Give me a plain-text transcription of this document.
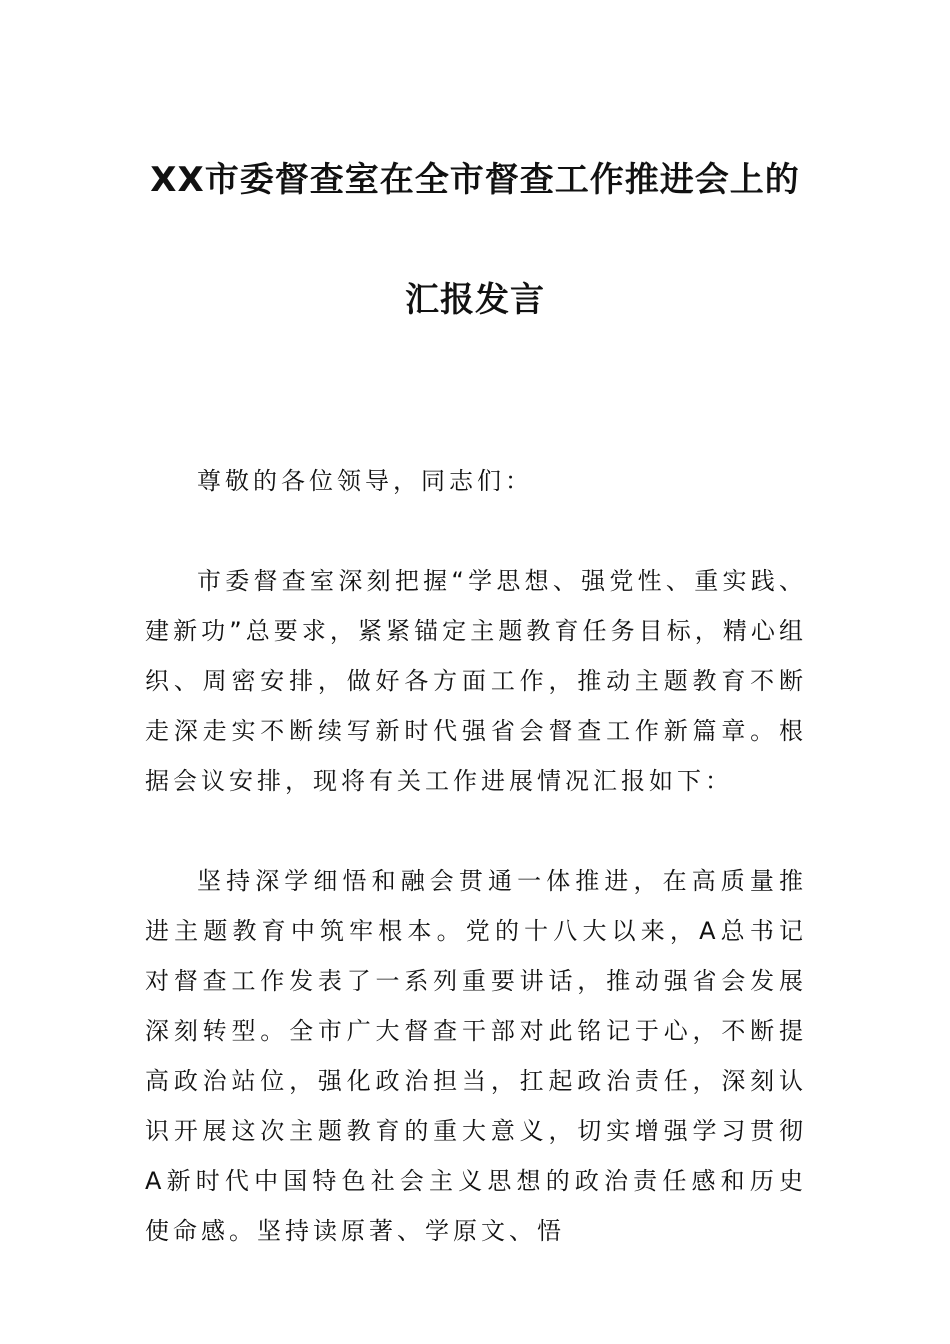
XX市委督查室在全市督查工作推进会上的
汇报发言

尊敬的各位领导，同志们：

市委督查室深刻把握“学思想、强党性、重实践、建新功”总要求，紧紧锚定主题教育任务目标，精心组织、周密安排，做好各方面工作，推动主题教育不断走深走实不断续写新时代强省会督查工作新篇章。根据会议安排，现将有关工作进展情况汇报如下：

坚持深学细悟和融会贯通一体推进，在高质量推进主题教育中筑牢根本。党的十八大以来，A总书记对督查工作发表了一系列重要讲话，推动强省会发展深刻转型。全市广大督查干部对此铭记于心，不断提高政治站位，强化政治担当，扛起政治责任，深刻认识开展这次主题教育的重大意义，切实增强学习贯彻A新时代中国特色社会主义思想的政治责任感和历史使命感。坚持读原著、学原文、悟
